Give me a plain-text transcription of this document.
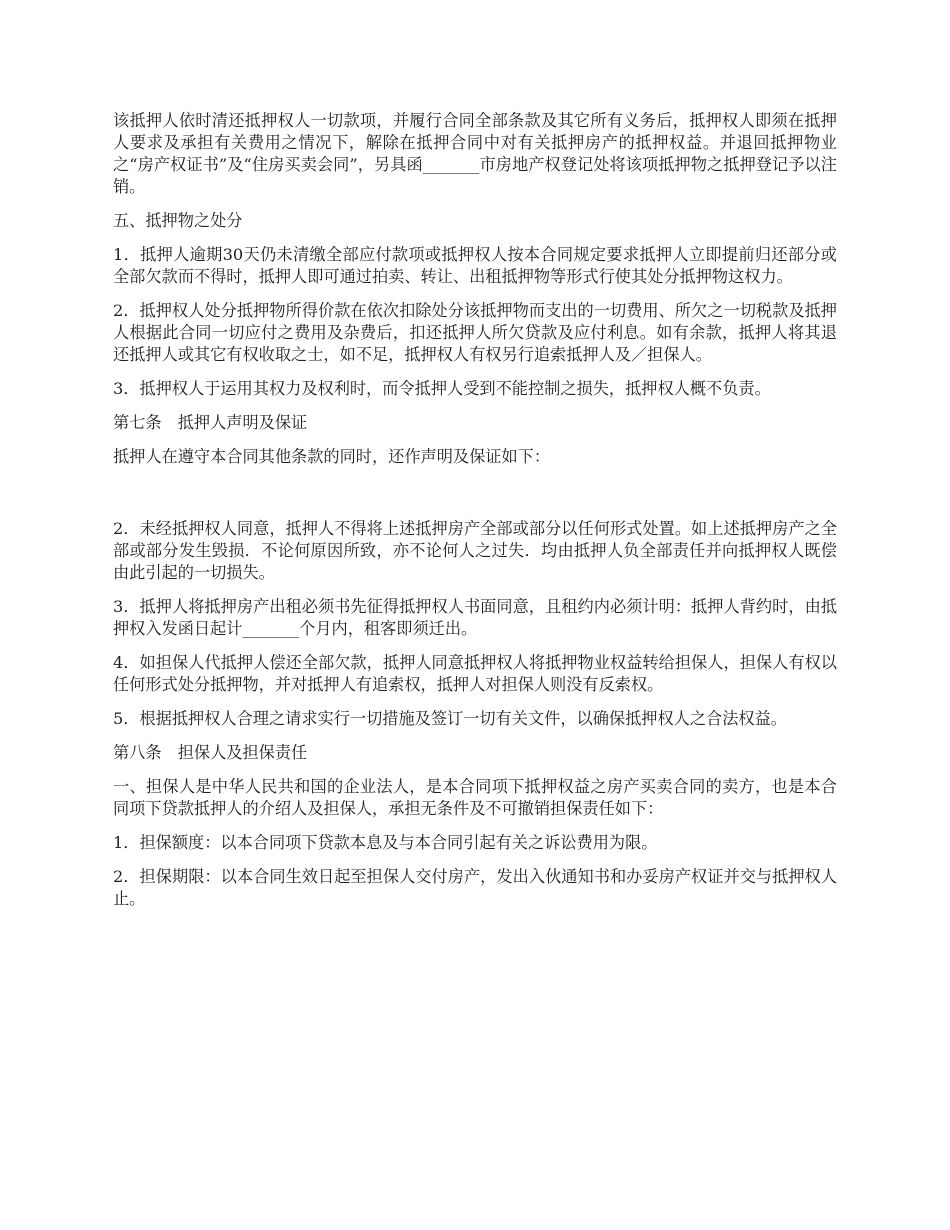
该抵押人依时清还抵押权人一切款项，并履行合同全部条款及其它所有义务后，抵押权人即须在抵押人要求及承担有关费用之情况下，解除在抵押合同中对有关抵押房产的抵押权益。并退回抵押物业之“房产权证书”及“住房买卖会同”，另具函_______市房地产权登记处将该项抵押物之抵押登记予以注销。

五、抵押物之处分

1．抵押人逾期30天仍未清缴全部应付款项或抵押权人按本合同规定要求抵押人立即提前归还部分或全部欠款而不得时，抵押人即可通过拍卖、转让、出租抵押物等形式行使其处分抵押物这权力。

2．抵押权人处分抵押物所得价款在依次扣除处分该抵押物而支出的一切费用、所欠之一切税款及抵押人根据此合同一切应付之费用及杂费后，扣还抵押人所欠贷款及应付利息。如有余款，抵押人将其退还抵押人或其它有权收取之士，如不足，抵押权人有权另行追索抵押人及／担保人。

3．抵押权人于运用其权力及权利时，而令抵押人受到不能控制之损失，抵押权人概不负责。

第七条　抵押人声明及保证

抵押人在遵守本合同其他条款的同时，还作声明及保证如下：

2．未经抵押权人同意，抵押人不得将上述抵押房产全部或部分以任何形式处置。如上述抵押房产之全部或部分发生毁损．不论何原因所致，亦不论何人之过失．均由抵押人负全部责任并向抵押权人既偿由此引起的一切损失。

3．抵押人将抵押房产出租必须书先征得抵押权人书面同意，且租约内必须计明：抵押人背约时，由抵押权入发函日起计_______个月内，租客即须迁出。

4．如担保人代抵押人偿还全部欠款，抵押人同意抵押权人将抵押物业权益转给担保人，担保人有权以任何形式处分抵押物，并对抵押人有追索权，抵押人对担保人则没有反索权。

5．根据抵押权人合理之请求实行一切措施及签订一切有关文件，以确保抵押权人之合法权益。

第八条　担保人及担保责任

一、担保人是中华人民共和国的企业法人，是本合同项下抵押权益之房产买卖合同的卖方，也是本合同项下贷款抵押人的介绍人及担保人，承担无条件及不可撤销担保责任如下：

1．担保额度：以本合同项下贷款本息及与本合同引起有关之诉讼费用为限。

2．担保期限：以本合同生效日起至担保人交付房产，发出入伙通知书和办妥房产权证并交与抵押权人止。
